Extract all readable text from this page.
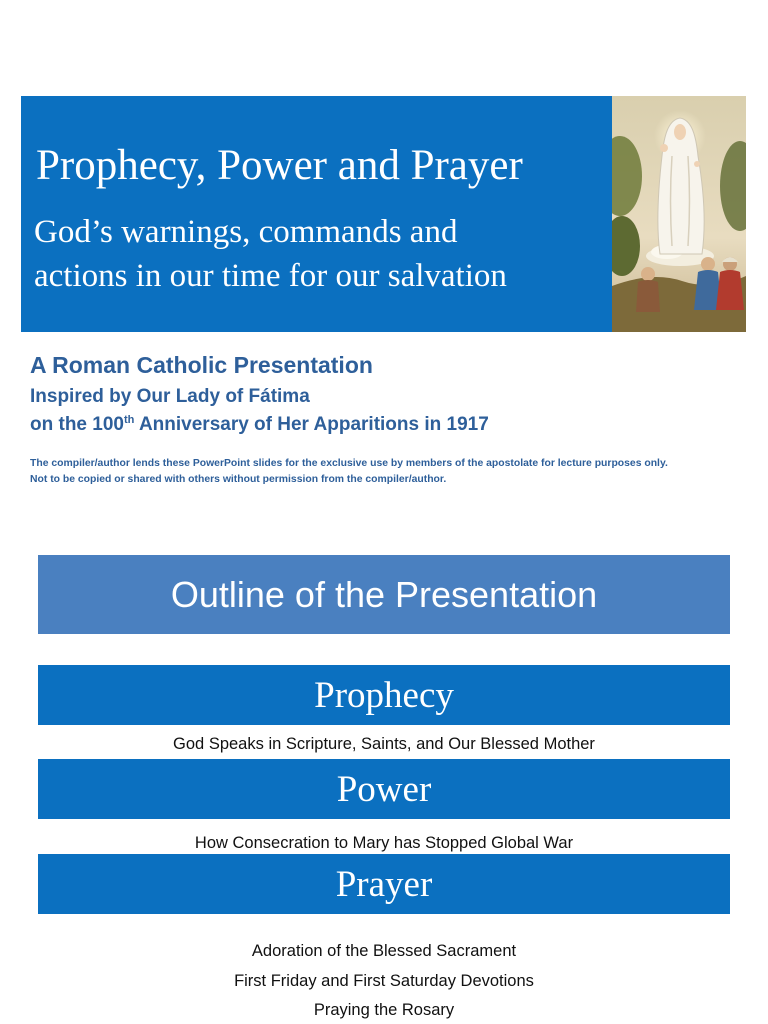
Prophecy, Power and Prayer
God’s warnings, commands and
actions in our time for our salvation
A Roman Catholic Presentation
Inspired by Our Lady of Fátima
on the 100th Anniversary of Her Apparitions in 1917
The compiler/author lends these PowerPoint slides for the exclusive use by members of the apostolate for lecture purposes only.
Not to be copied or shared with others without permission from the compiler/author.
Outline of the Presentation
Prophecy
God Speaks in Scripture, Saints, and Our Blessed Mother
Power
How Consecration to Mary has Stopped Global War
Prayer
Adoration of the Blessed Sacrament
First Friday and First Saturday Devotions
Praying the Rosary
